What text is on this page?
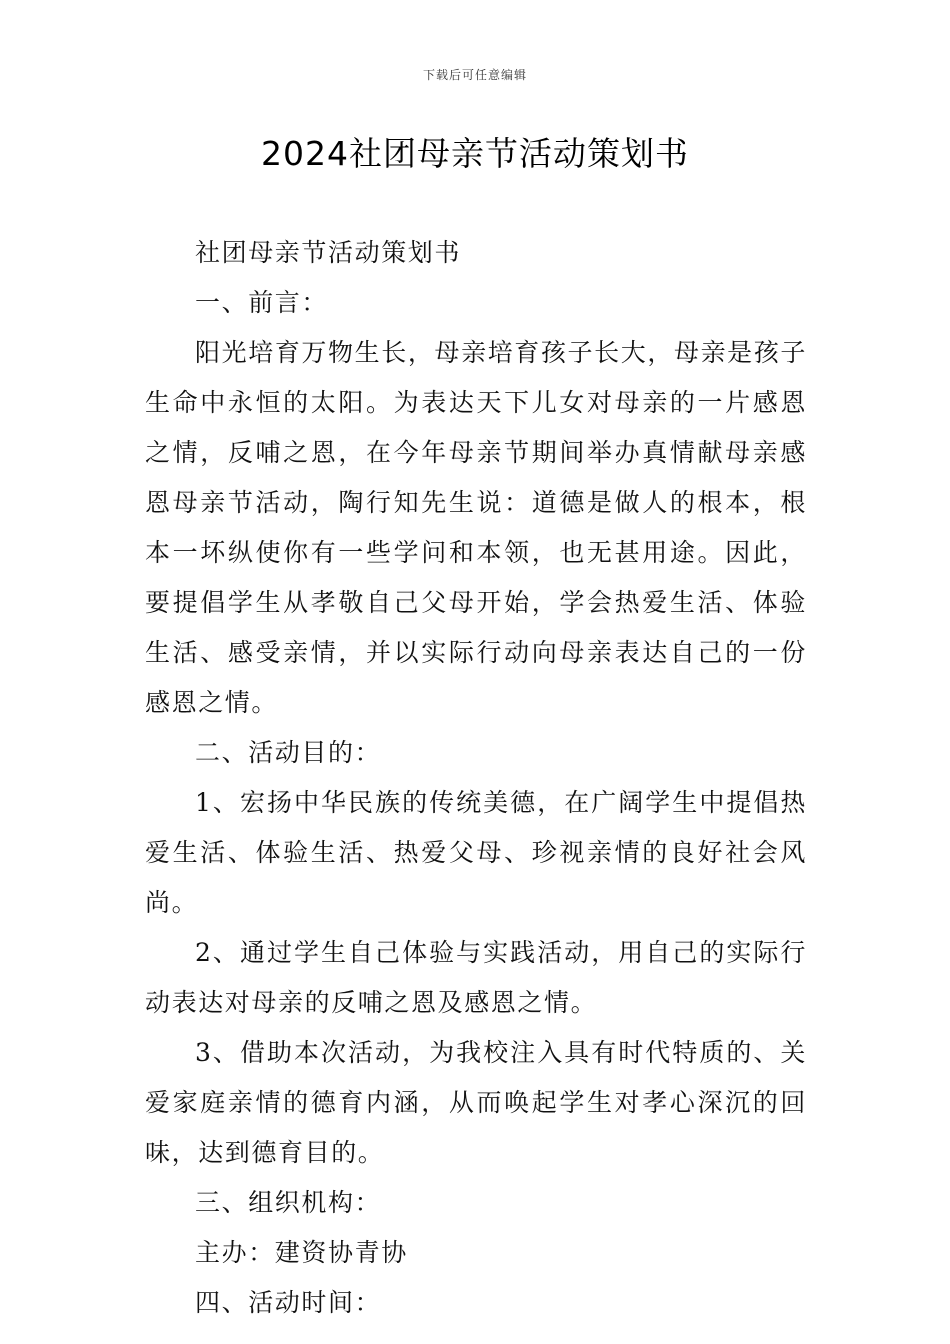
下载后可任意编辑
2024社团母亲节活动策划书

社团母亲节活动策划书

一、前言：

阳光培育万物生长，母亲培育孩子长大，母亲是孩子生命中永恒的太阳。为表达天下儿女对母亲的一片感恩之情，反哺之恩，在今年母亲节期间举办真情献母亲感恩母亲节活动，陶行知先生说：道德是做人的根本，根本一坏纵使你有一些学问和本领，也无甚用途。因此，要提倡学生从孝敬自己父母开始，学会热爱生活、体验生活、感受亲情，并以实际行动向母亲表达自己的一份感恩之情。

二、活动目的：

1、宏扬中华民族的传统美德，在广阔学生中提倡热爱生活、体验生活、热爱父母、珍视亲情的良好社会风尚。

2、通过学生自己体验与实践活动，用自己的实际行动表达对母亲的反哺之恩及感恩之情。

3、借助本次活动，为我校注入具有时代特质的、关爱家庭亲情的德育内涵，从而唤起学生对孝心深沉的回味，达到德育目的。

三、组织机构：

主办：建资协青协

四、活动时间：
